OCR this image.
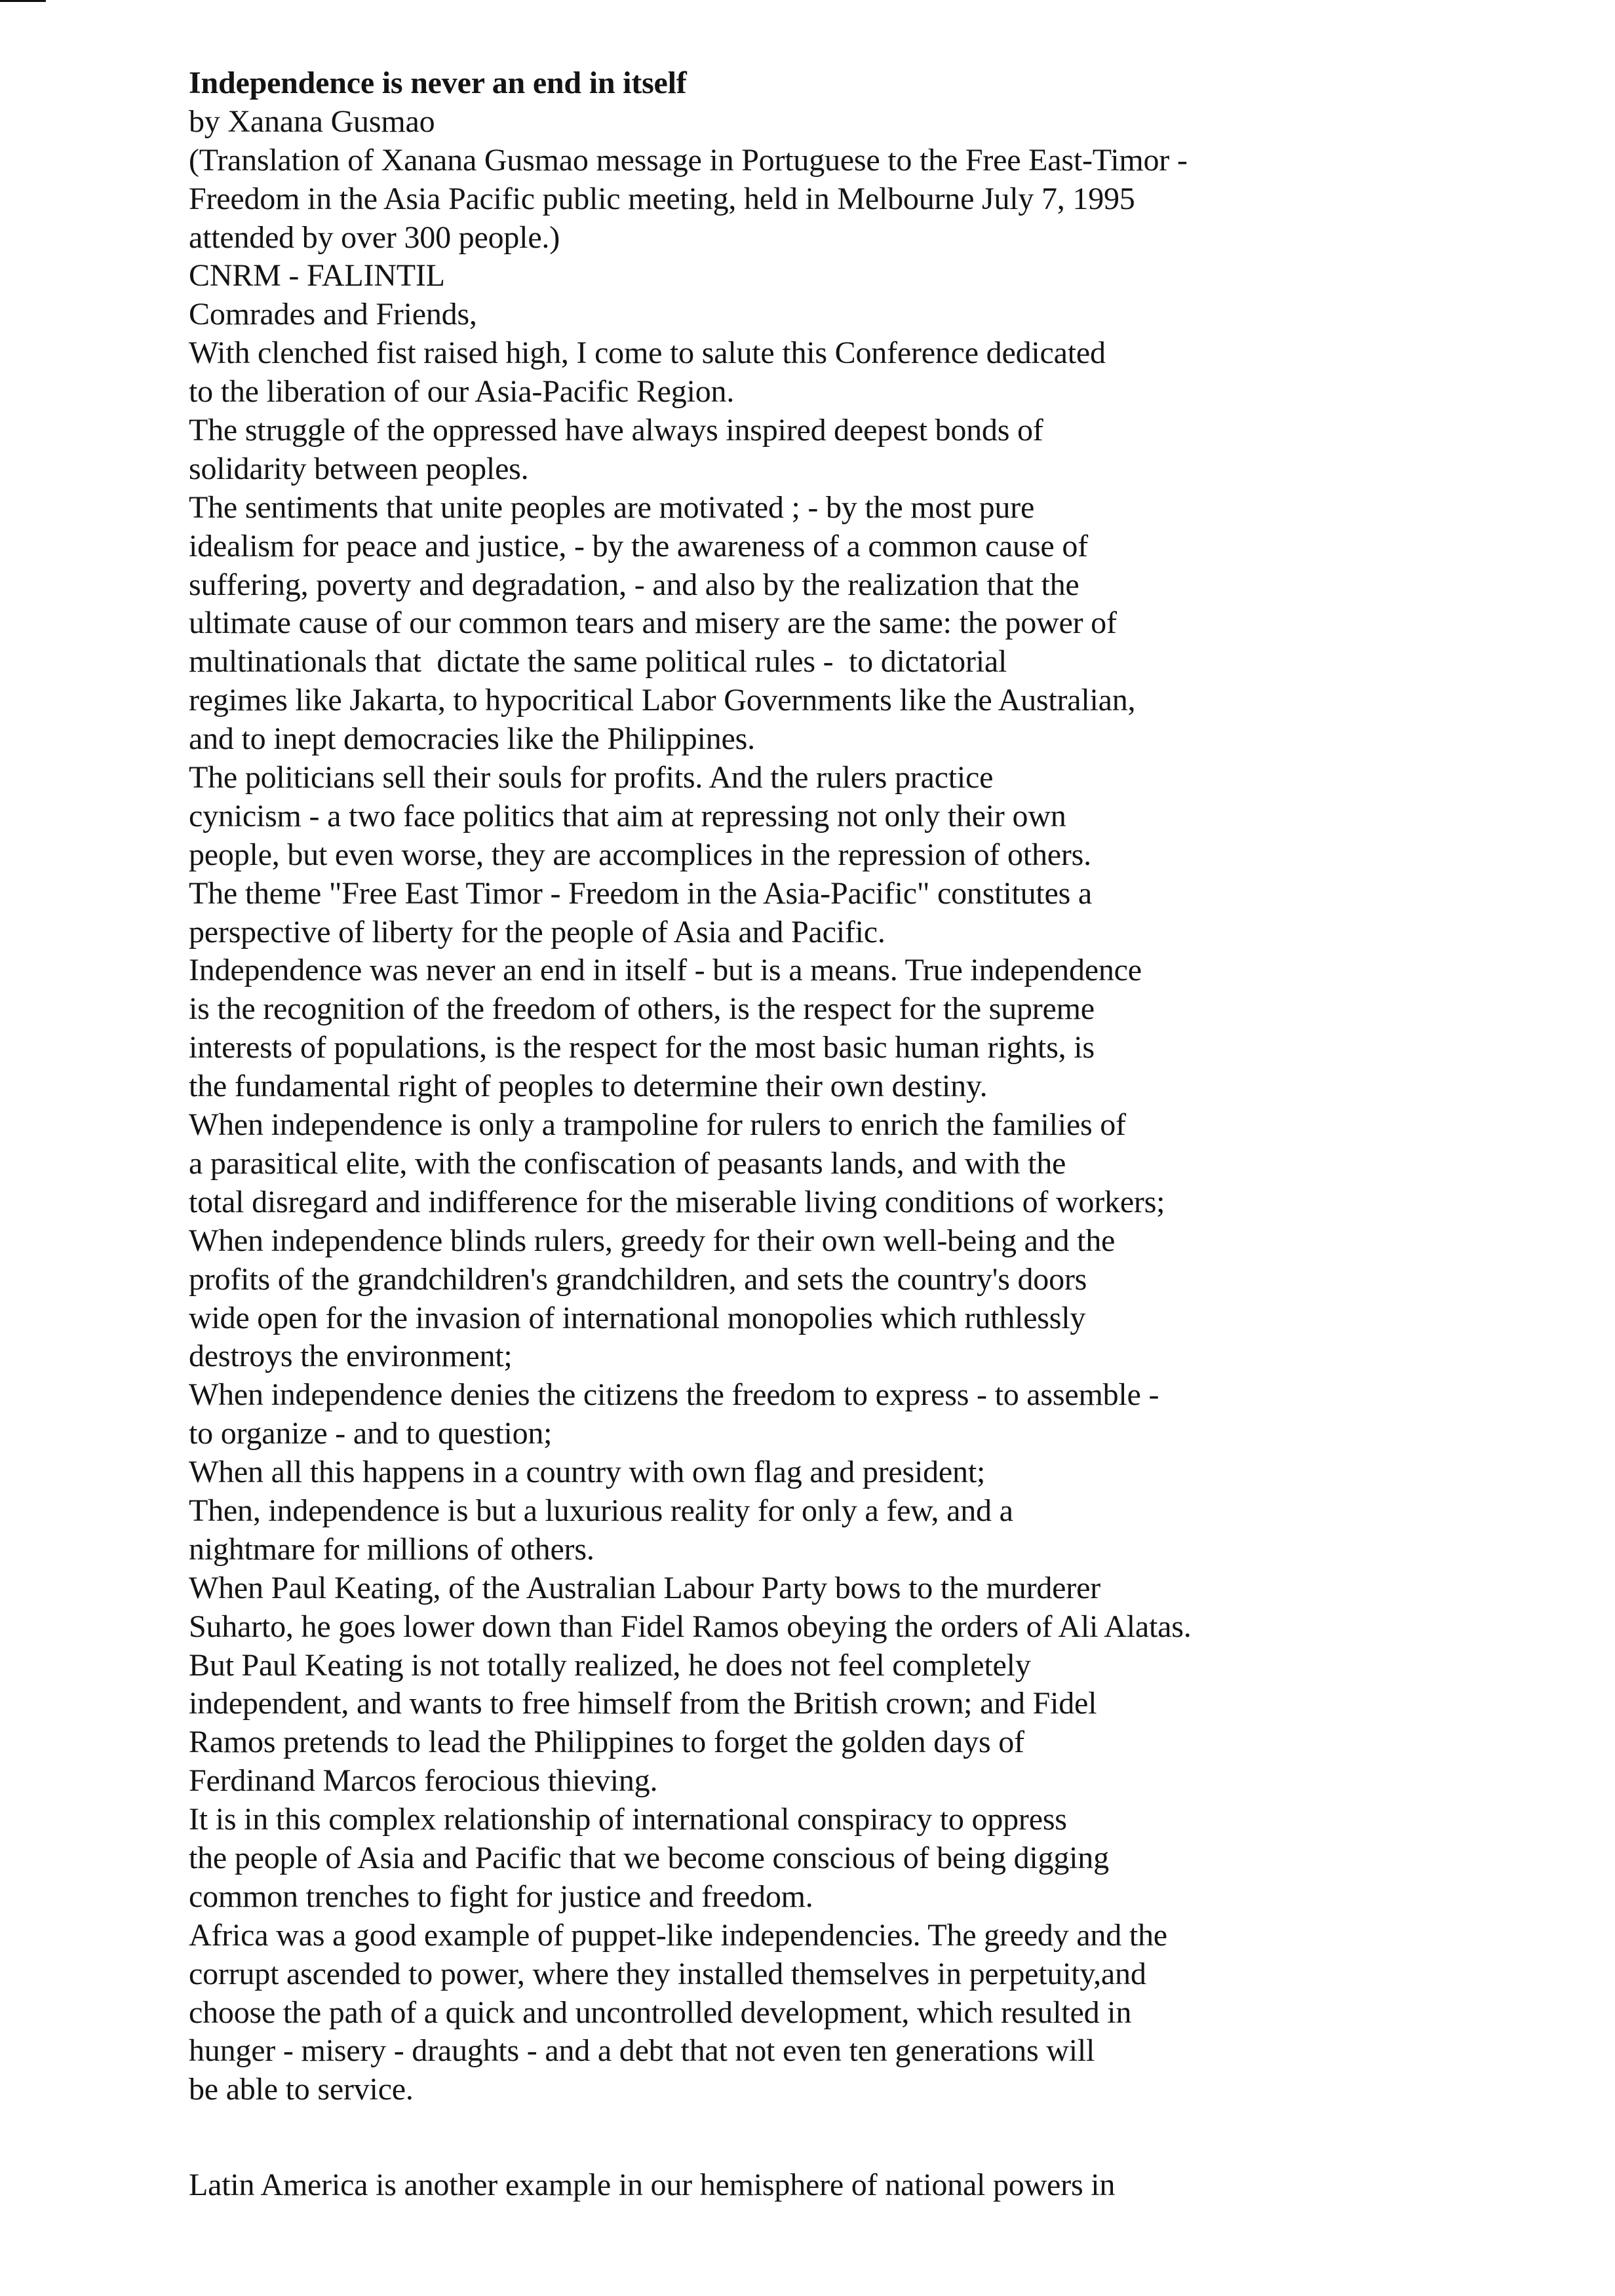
Independence is never an end in itself
by Xanana Gusmao
(Translation of Xanana Gusmao message in Portuguese to the Free East-Timor -
Freedom in the Asia Pacific public meeting, held in Melbourne July 7, 1995
attended by over 300 people.)
CNRM - FALINTIL
Comrades and Friends,
With clenched fist raised high, I come to salute this Conference dedicated
to the liberation of our Asia-Pacific Region.
The struggle of the oppressed have always inspired deepest bonds of
solidarity between peoples.
The sentiments that unite peoples are motivated ; - by the most pure
idealism for peace and justice, - by the awareness of a common cause of
suffering, poverty and degradation, - and also by the realization that the
ultimate cause of our common tears and misery are the same: the power of
multinationals that  dictate the same political rules -  to dictatorial
regimes like Jakarta, to hypocritical Labor Governments like the Australian,
and to inept democracies like the Philippines.
The politicians sell their souls for profits. And the rulers practice
cynicism - a two face politics that aim at repressing not only their own
people, but even worse, they are accomplices in the repression of others.
The theme "Free East Timor - Freedom in the Asia-Pacific" constitutes a
perspective of liberty for the people of Asia and Pacific.
Independence was never an end in itself - but is a means. True independence
is the recognition of the freedom of others, is the respect for the supreme
interests of populations, is the respect for the most basic human rights, is
the fundamental right of peoples to determine their own destiny.
When independence is only a trampoline for rulers to enrich the families of
a parasitical elite, with the confiscation of peasants lands, and with the
total disregard and indifference for the miserable living conditions of workers;
When independence blinds rulers, greedy for their own well-being and the
profits of the grandchildren's grandchildren, and sets the country's doors
wide open for the invasion of international monopolies which ruthlessly
destroys the environment;
When independence denies the citizens the freedom to express - to assemble -
to organize - and to question;
When all this happens in a country with own flag and president;
Then, independence is but a luxurious reality for only a few, and a
nightmare for millions of others.
When Paul Keating, of the Australian Labour Party bows to the murderer
Suharto, he goes lower down than Fidel Ramos obeying the orders of Ali Alatas.
But Paul Keating is not totally realized, he does not feel completely
independent, and wants to free himself from the British crown; and Fidel
Ramos pretends to lead the Philippines to forget the golden days of
Ferdinand Marcos ferocious thieving.
It is in this complex relationship of international conspiracy to oppress
the people of Asia and Pacific that we become conscious of being digging
common trenches to fight for justice and freedom.
Africa was a good example of puppet-like independencies. The greedy and the
corrupt ascended to power, where they installed themselves in perpetuity,and
choose the path of a quick and uncontrolled development, which resulted in
hunger - misery - draughts - and a debt that not even ten generations will
be able to service.
Latin America is another example in our hemisphere of national powers in
